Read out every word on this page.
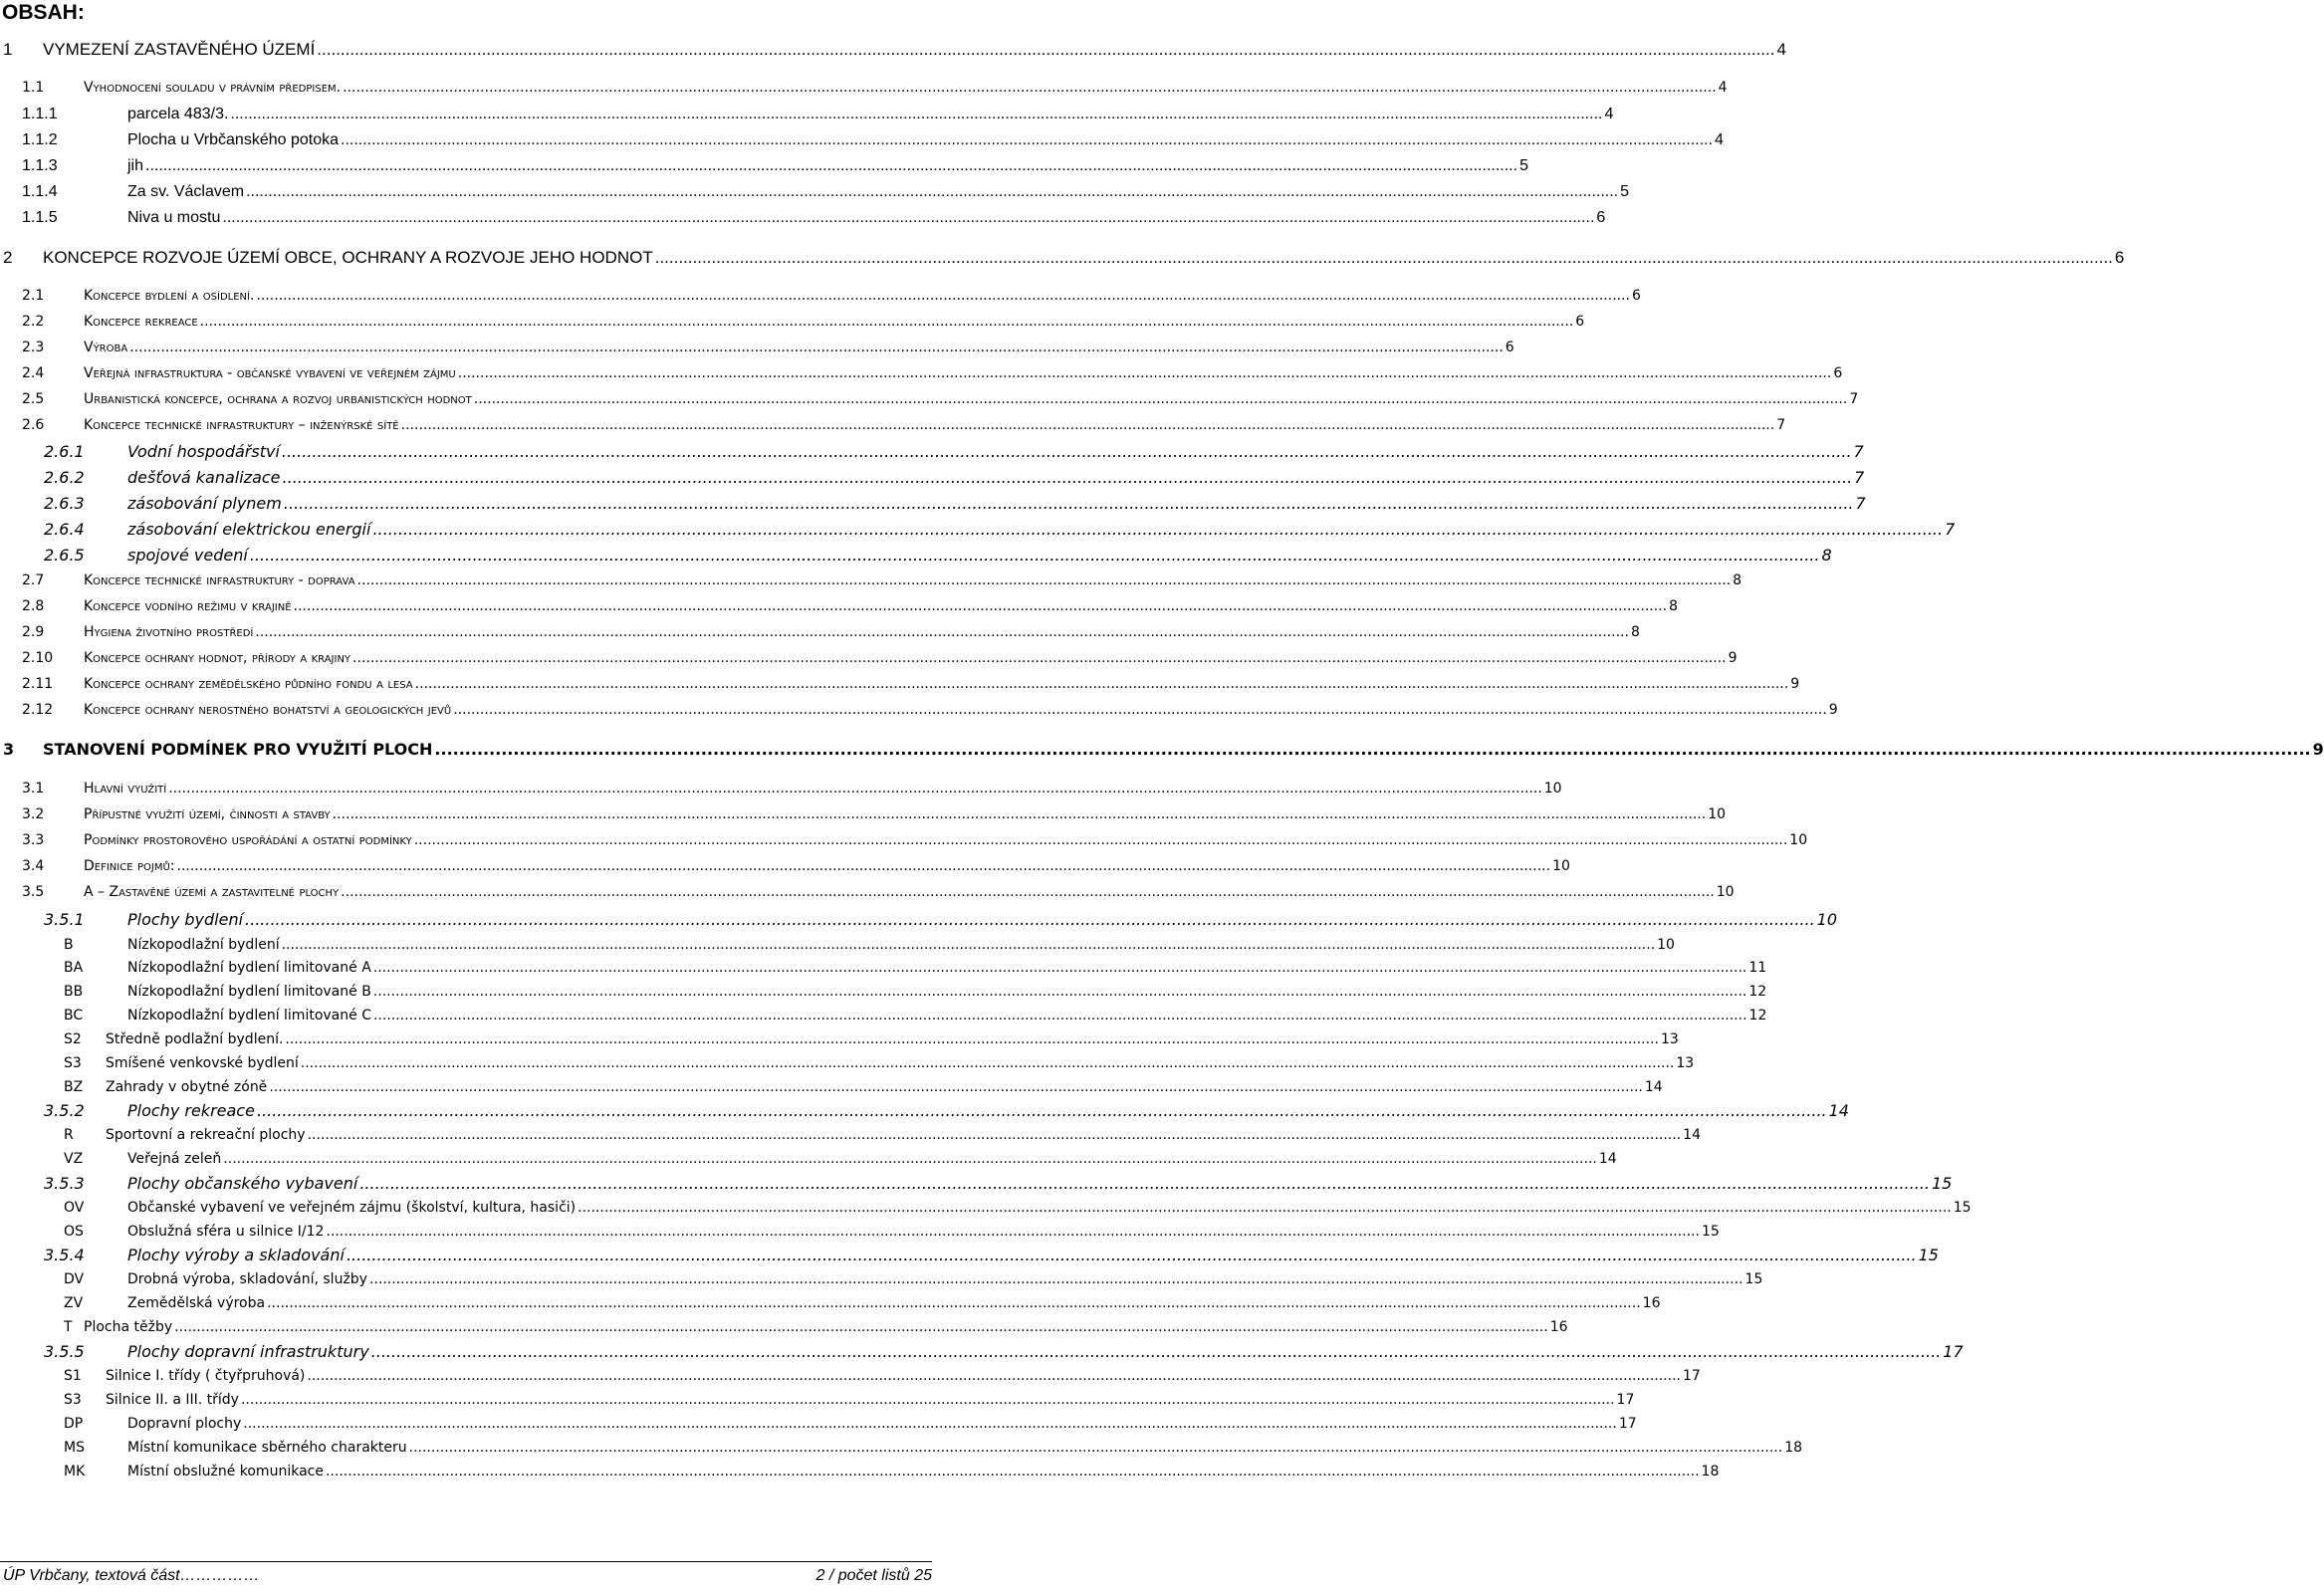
OBSAH:
1	VYMEZENÍ ZASTAVĚNÉHO ÚZEMÍ .....	4
1.1	Vyhodnocení souladu v právním předpisem. .....	4
1.1.1	parcela 483/3. .....	4
1.1.2	Plocha u Vrbčanského potoka .....	4
1.1.3	jih .....	5
1.1.4	Za sv. Václavem .....	5
1.1.5	Niva u mostu .....	6
2	KONCEPCE ROZVOJE ÚZEMÍ OBCE, OCHRANY A ROZVOJE JEHO HODNOT .....	6
2.1	Koncepce bydlení a osídlení. .....	6
2.2	Koncepce rekreace .....	6
2.3	Výroba .....	6
2.4	Veřejná infrastruktura - občanské vybavení ve veřejném zájmu .....	6
2.5	Urbanistická koncepce, ochrana a rozvoj urbanistických hodnot .....	7
2.6	Koncepce technické infrastruktury – inženýrské sítě .....	7
2.6.1	Vodní hospodářství .....	7
2.6.2	dešťová kanalizace .....	7
2.6.3	zásobování plynem .....	7
2.6.4	zásobování elektrickou energií .....	7
2.6.5	spojové vedení .....	8
2.7	Koncepce technické infrastruktury - doprava .....	8
2.8	Koncepce vodního režimu v krajině .....	8
2.9	Hygiena životního prostředí .....	8
2.10	Koncepce ochrany hodnot, přírody a krajiny .....	9
2.11	Koncepce ochrany zemědělského půdního fondu a lesa .....	9
2.12	Koncepce ochrany nerostného bohatství a geologických jevů .....	9
3	STANOVENÍ PODMÍNEK PRO VYUŽITÍ PLOCH .....	9
3.1	Hlavní využití .....	10
3.2	Přípustné využití území, činnosti a stavby .....	10
3.3	Podmínky prostorového uspořádání a ostatní podmínky .....	10
3.4	Definice pojmů: .....	10
3.5	A – Zastavěné území a zastavitelné plochy .....	10
3.5.1	Plochy bydlení .....	10
B	Nízkopodlažní bydlení .....	10
BA	Nízkopodlažní bydlení limitované A .....	11
BB	Nízkopodlažní bydlení limitované B .....	12
BC	Nízkopodlažní bydlení limitované C .....	12
S2	Středně podlažní bydlení. .....	13
S3	Smíšené venkovské bydlení .....	13
BZ	Zahrady v obytné zóně .....	14
3.5.2	Plochy rekreace .....	14
R	Sportovní a rekreační plochy .....	14
VZ	Veřejná zeleň .....	14
3.5.3	Plochy občanského vybavení .....	15
OV	Občanské vybavení ve veřejném zájmu (školství, kultura, hasiči) .....	15
OS	Obslužná sféra u silnice I/12 .....	15
3.5.4	Plochy výroby a skladování .....	15
DV	Drobná výroba, skladování, služby .....	15
ZV	Zemědělská výroba .....	16
T Plocha těžby .....	16
3.5.5	Plochy dopravní infrastruktury .....	17
S1	Silnice I. třídy ( čtyřpruhová) .....	17
S3	Silnice II. a III. třídy .....	17
DP	Dopravní plochy .....	17
MS	Místní komunikace sběrného charakteru .....	18
MK	Místní obslužné komunikace .....	18
ÚP Vrbčany, textová část……………	2 / počet listů 25
